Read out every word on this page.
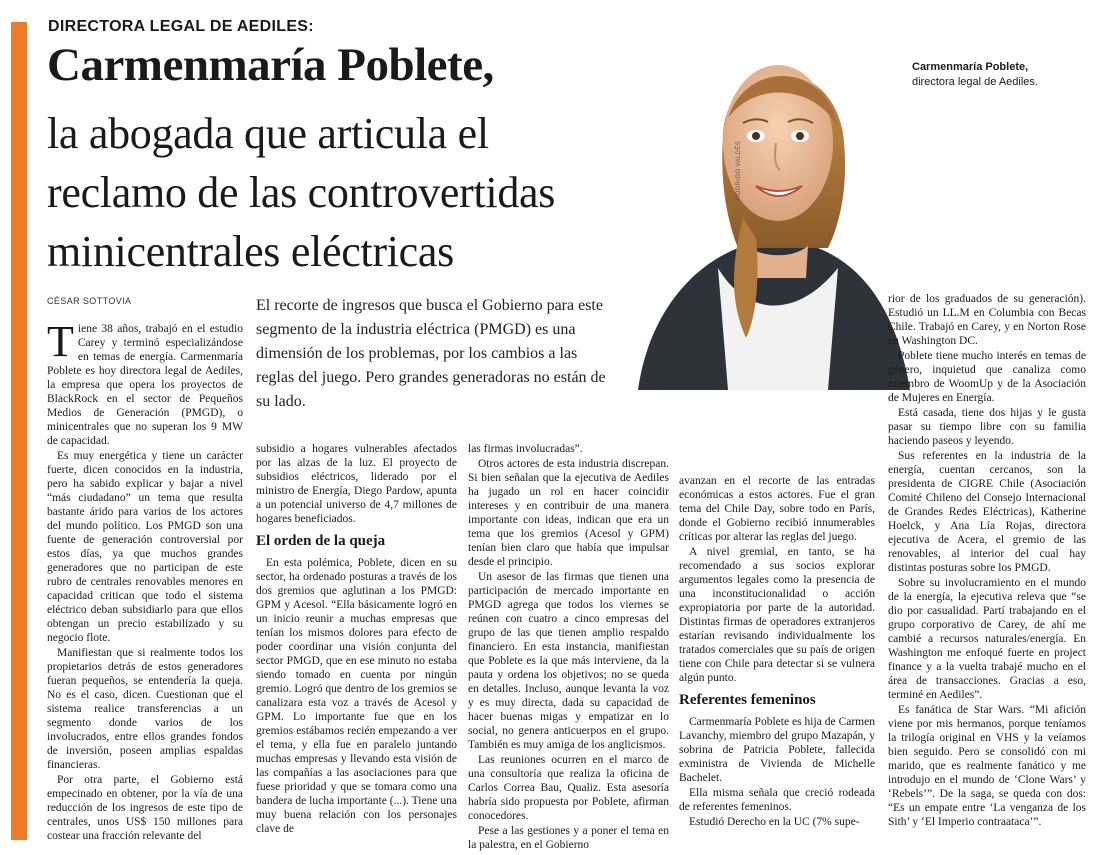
DIRECTORA LEGAL DE AEDILES:
Carmenmaría Poblete,
la abogada que articula el
reclamo de las controvertidas
minicentrales eléctricas
CÉSAR SOTTOVIA
RODRIGO VALDÉS
Carmenmaría Poblete, directora legal de Aediles.
El recorte de ingresos que busca el Gobierno para este segmento de la industria eléctrica (PMGD) es una dimensión de los problemas, por los cambios a las reglas del juego. Pero grandes generadoras no están de su lado.

Tiene 38 años, trabajó en el estudio Carey y terminó especializándose en temas de energía. Carmenmaría Poblete es hoy directora legal de Aediles, la empresa que opera los proyectos de BlackRock en el sector de Pequeños Medios de Generación (PMGD), o minicentrales que no superan los 9 MW de capacidad.

Es muy energética y tiene un carácter fuerte, dicen conocidos en la industria, pero ha sabido explicar y bajar a nivel “más ciudadano” un tema que resulta bastante árido para varios de los actores del mundo político. Los PMGD son una fuente de generación controversial por estos días, ya que muchos grandes generadores que no participan de este rubro de centrales renovables menores en capacidad critican que todo el sistema eléctrico deban subsidiarlo para que ellos obtengan un precio estabilizado y su negocio flote.

Manifiestan que si realmente todos los propietarios detrás de estos generadores fueran pequeños, se entendería la queja. No es el caso, dicen. Cuestionan que el sistema realice transferencias a un segmento donde varios de los involucrados, entre ellos grandes fondos de inversión, poseen amplias espaldas financieras.

Por otra parte, el Gobierno está empecinado en obtener, por la vía de una reducción de los ingresos de este tipo de centrales, unos US$ 150 millones para costear una fracción relevante del

subsidio a hogares vulnerables afectados por las alzas de la luz. El proyecto de subsidios eléctricos, liderado por el ministro de Energía, Diego Pardow, apunta a un potencial universo de 4,7 millones de hogares beneficiados.

El orden de la queja

En esta polémica, Poblete, dicen en su sector, ha ordenado posturas a través de los dos gremios que aglutinan a los PMGD: GPM y Acesol. “Ella básicamente logró en un inicio reunir a muchas empresas que tenían los mismos dolores para efecto de poder coordinar una visión conjunta del sector PMGD, que en ese minuto no estaba siendo tomado en cuenta por ningún gremio. Logró que dentro de los gremios se canalizara esta voz a través de Acesol y GPM. Lo importante fue que en los gremios estábamos recién empezando a ver el tema, y ella fue en paralelo juntando muchas empresas y llevando esta visión de las compañías a las asociaciones para que fuese prioridad y que se tomara como una bandera de lucha importante (...). Tiene una muy buena relación con los personajes clave de

las firmas involucradas”.

Otros actores de esta industria discrepan. Si bien señalan que la ejecutiva de Aediles ha jugado un rol en hacer coincidir intereses y en contribuir de una manera importante con ideas, indican que era un tema que los gremios (Acesol y GPM) tenían bien claro que había que impulsar desde el principio.

Un asesor de las firmas que tienen una participación de mercado importante en PMGD agrega que todos los viernes se reúnen con cuatro a cinco empresas del grupo de las que tienen amplio respaldo financiero. En esta instancia, manifiestan que Poblete es la que más interviene, da la pauta y ordena los objetivos; no se queda en detalles. Incluso, aunque levanta la voz y es muy directa, dada su capacidad de hacer buenas migas y empatizar en lo social, no genera anticuerpos en el grupo. También es muy amiga de los anglicismos.

Las reuniones ocurren en el marco de una consultoría que realiza la oficina de Carlos Correa Bau, Qualiz. Esta asesoría habría sido propuesta por Poblete, afirman conocedores.

Pese a las gestiones y a poner el tema en la palestra, en el Gobierno

avanzan en el recorte de las entradas económicas a estos actores. Fue el gran tema del Chile Day, sobre todo en París, donde el Gobierno recibió innumerables críticas por alterar las reglas del juego.

A nivel gremial, en tanto, se ha recomendado a sus socios explorar argumentos legales como la presencia de una inconstitucionalidad o acción expropiatoria por parte de la autoridad. Distintas firmas de operadores extranjeros estarían revisando individualmente los tratados comerciales que su país de origen tiene con Chile para detectar si se vulnera algún punto.

Referentes femeninos

Carmenmaría Poblete es hija de Carmen Lavanchy, miembro del grupo Mazapán, y sobrina de Patricia Poblete, fallecida exministra de Vivienda de Michelle Bachelet.

Ella misma señala que creció rodeada de referentes femeninos.

Estudió Derecho en la UC (7% supe-

rior de los graduados de su generación). Estudió un LL.M en Columbia con Becas Chile. Trabajó en Carey, y en Norton Rose en Washington DC.

Poblete tiene mucho interés en temas de género, inquietud que canaliza como miembro de WoomUp y de la Asociación de Mujeres en Energía.

Está casada, tiene dos hijas y le gusta pasar su tiempo libre con su familia haciendo paseos y leyendo.

Sus referentes en la industria de la energía, cuentan cercanos, son la presidenta de CIGRE Chile (Asociación Comité Chileno del Consejo Internacional de Grandes Redes Eléctricas), Katherine Hoelck, y Ana Lía Rojas, directora ejecutiva de Acera, el gremio de las renovables, al interior del cual hay distintas posturas sobre los PMGD.

Sobre su involucramiento en el mundo de la energía, la ejecutiva releva que “se dio por casualidad. Partí trabajando en el grupo corporativo de Carey, de ahí me cambié a recursos naturales/energía. En Washington me enfoqué fuerte en project finance y a la vuelta trabajé mucho en el área de transacciones. Gracias a eso, terminé en Aediles”.

Es fanática de Star Wars. “Mi afición viene por mis hermanos, porque teníamos la trilogía original en VHS y la veíamos bien seguido. Pero se consolidó con mi marido, que es realmente fanático y me introdujo en el mundo de ‘Clone Wars’ y ‘Rebels’”. De la saga, se queda con dos: “Es un empate entre ‘La venganza de los Sith’ y ‘El Imperio contraataca’”.
